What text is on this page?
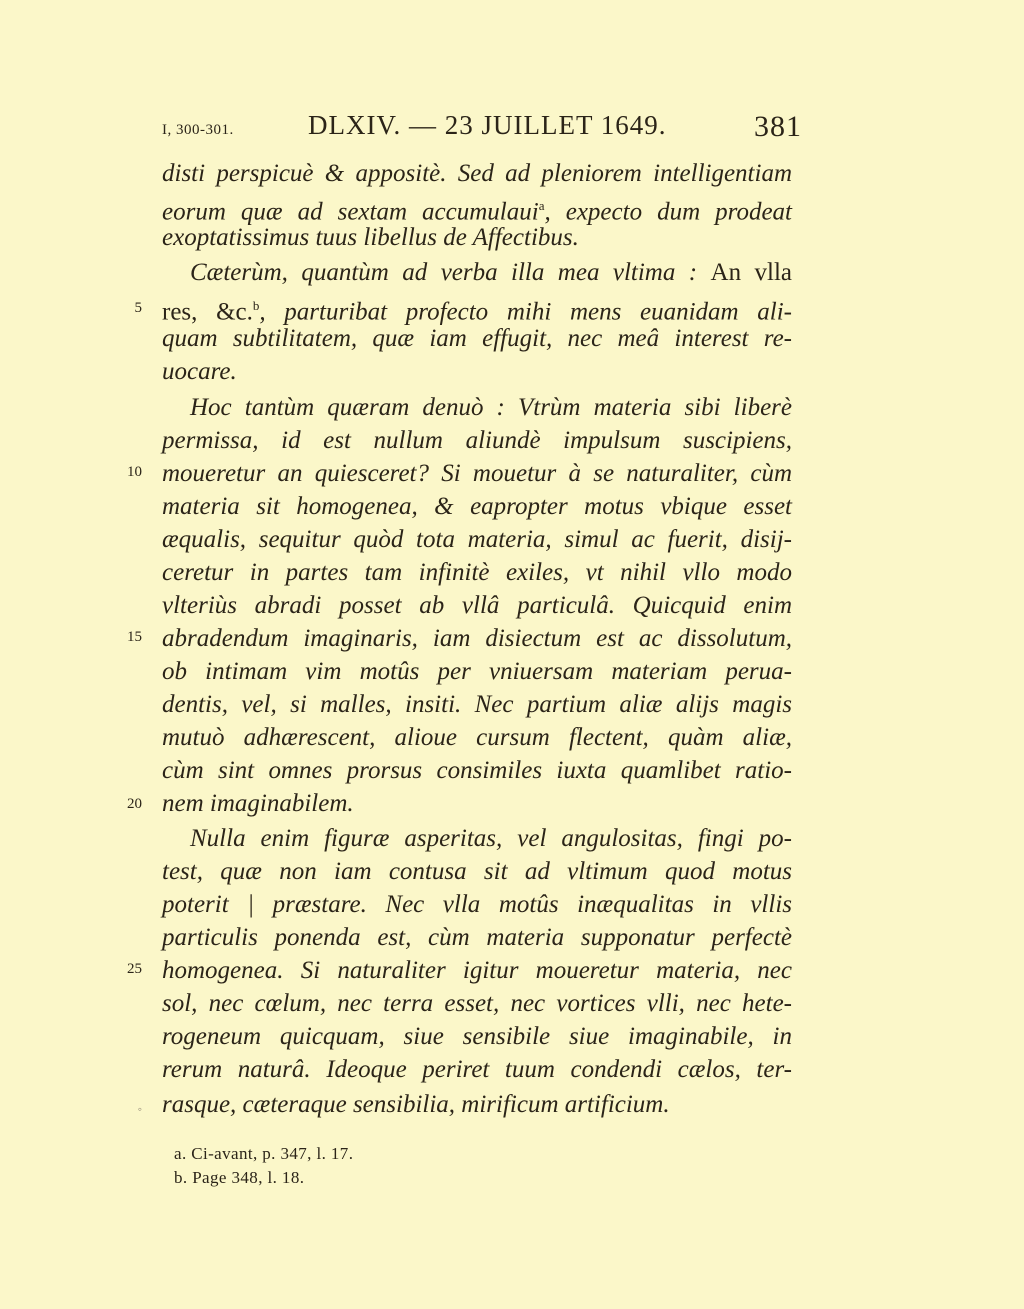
I, 300-301.	DLXIV. — 23 JUILLET 1649.	381
disti perspicuè & appositè. Sed ad pleniorem intelligentiam
eorum quæ ad sextam accumulaui$^a$, expecto dum prodeat
exoptatissimus tuus libellus de Affectibus.
Cæterùm, quantùm ad verba illa mea vltima : An vlla
res, &c.$^b$, parturibat profecto mihi mens euanidam ali-
quam subtilitatem, quæ iam effugit, nec meâ interest re-
uocare.
Hoc tantùm quæram denuò : Vtrùm materia sibi liberè
permissa, id est nullum aliundè impulsum suscipiens,
moueretur an quiesceret? Si mouetur à se naturaliter, cùm
materia sit homogenea, & eapropter motus vbique esset
æqualis, sequitur quòd tota materia, simul ac fuerit, disij-
ceretur in partes tam infinitè exiles, vt nihil vllo modo
vlteriùs abradi posset ab vllâ particulâ. Quicquid enim
abradendum imaginaris, iam disiectum est ac dissolutum,
ob intimam vim motûs per vniuersam materiam perua-
dentis, vel, si malles, insiti. Nec partium aliæ alijs magis
mutuò adhærescent, alioue cursum flectent, quàm aliæ,
cùm sint omnes prorsus consimiles iuxta quamlibet ratio-
nem imaginabilem.
Nulla enim figuræ asperitas, vel angulositas, fingi po-
test, quæ non iam contusa sit ad vltimum quod motus
poterit | præstare. Nec vlla motûs inæqualitas in vllis
particulis ponenda est, cùm materia supponatur perfectè
homogenea. Si naturaliter igitur moueretur materia, nec
sol, nec cœlum, nec terra esset, nec vortices vlli, nec hete-
rogeneum quicquam, siue sensibile siue imaginabile, in
rerum naturâ. Ideoque periret tuum condendi cælos, ter-
rasque, cæteraque sensibilia, mirificum artificium.
5
10
15
20
25
◦
a. Ci-avant, p. 347, l. 17.
b. Page 348, l. 18.
